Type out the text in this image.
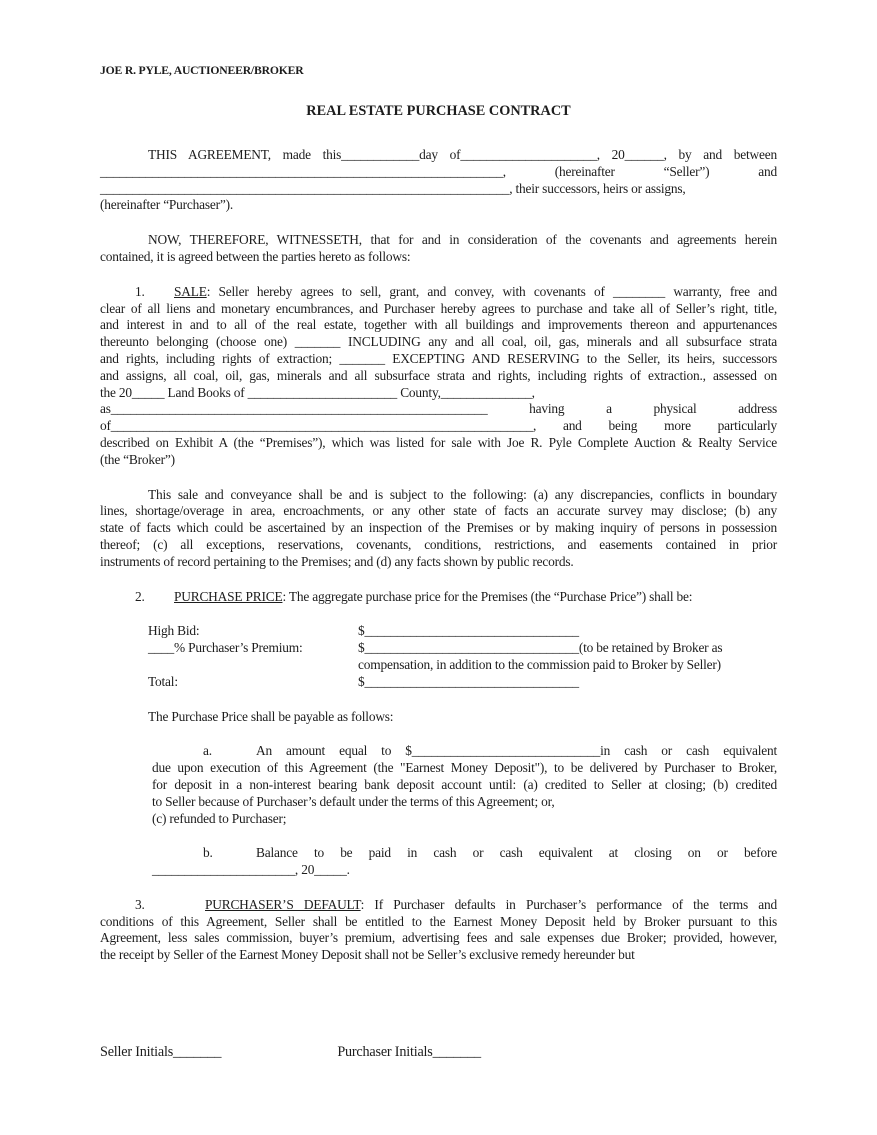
JOE R. PYLE, AUCTIONEER/BROKER
REAL ESTATE PURCHASE CONTRACT
THIS AGREEMENT, made this____________day of_____________________, 20______, by and between
______________________________________________________________, (hereinafter “Seller”) and
_______________________________________________________________, their successors, heirs or assigns,
(hereinafter “Purchaser”).
NOW, THEREFORE, WITNESSETH, that for and in consideration of the covenants and agreements herein
contained, it is agreed between the parties hereto as follows:
1. SALE: Seller hereby agrees to sell, grant, and convey, with covenants of ________ warranty, free and
clear of all liens and monetary encumbrances, and Purchaser hereby agrees to purchase and take all of Seller’s right, title,
and interest in and to all of the real estate, together with all buildings and improvements thereon and appurtenances
thereunto belonging (choose one) _______ INCLUDING any and all coal, oil, gas, minerals and all subsurface strata
and rights, including rights of extraction; _______ EXCEPTING AND RESERVING to the Seller, its heirs, successors
and assigns, all coal, oil, gas, minerals and all subsurface strata and rights, including rights of extraction., assessed on
the 20_____ Land Books of _______________________ County,______________,
as__________________________________________________________ having a physical address
of_________________________________________________________________, and being more particularly
described on Exhibit A (the “Premises”), which was listed for sale with Joe R. Pyle Complete Auction & Realty Service
(the “Broker”)
This sale and conveyance shall be and is subject to the following: (a) any discrepancies, conflicts in boundary
lines, shortage/overage in area, encroachments, or any other state of facts an accurate survey may disclose; (b) any
state of facts which could be ascertained by an inspection of the Premises or by making inquiry of persons in possession
thereof; (c) all exceptions, reservations, covenants, conditions, restrictions, and easements contained in prior
instruments of record pertaining to the Premises; and (d) any facts shown by public records.
2. PURCHASE PRICE: The aggregate purchase price for the Premises (the “Purchase Price”) shall be:
High Bid:	$_________________________________
____% Purchaser’s Premium:	$_________________________________(to be retained by Broker as
compensation, in addition to the commission paid to Broker by Seller)
Total:	$_________________________________
The Purchase Price shall be payable as follows:
a.	An amount equal to $_____________________________in cash or cash equivalent
due upon execution of this Agreement (the "Earnest Money Deposit"), to be delivered by Purchaser to Broker,
for deposit in a non-interest bearing bank deposit account until: (a) credited to Seller at closing; (b) credited
to Seller because of Purchaser’s default under the terms of this Agreement; or,
(c) refunded to Purchaser;
b.	Balance to be paid in cash or cash equivalent at closing on or before
______________________, 20_____.
3.	PURCHASER’S DEFAULT: If Purchaser defaults in Purchaser’s performance of the terms and
conditions of this Agreement, Seller shall be entitled to the Earnest Money Deposit held by Broker pursuant to this
Agreement, less sales commission, buyer’s premium, advertising fees and sale expenses due Broker; provided, however,
the receipt by Seller of the Earnest Money Deposit shall not be Seller’s exclusive remedy hereunder but
Seller Initials_______	Purchaser Initials_______
